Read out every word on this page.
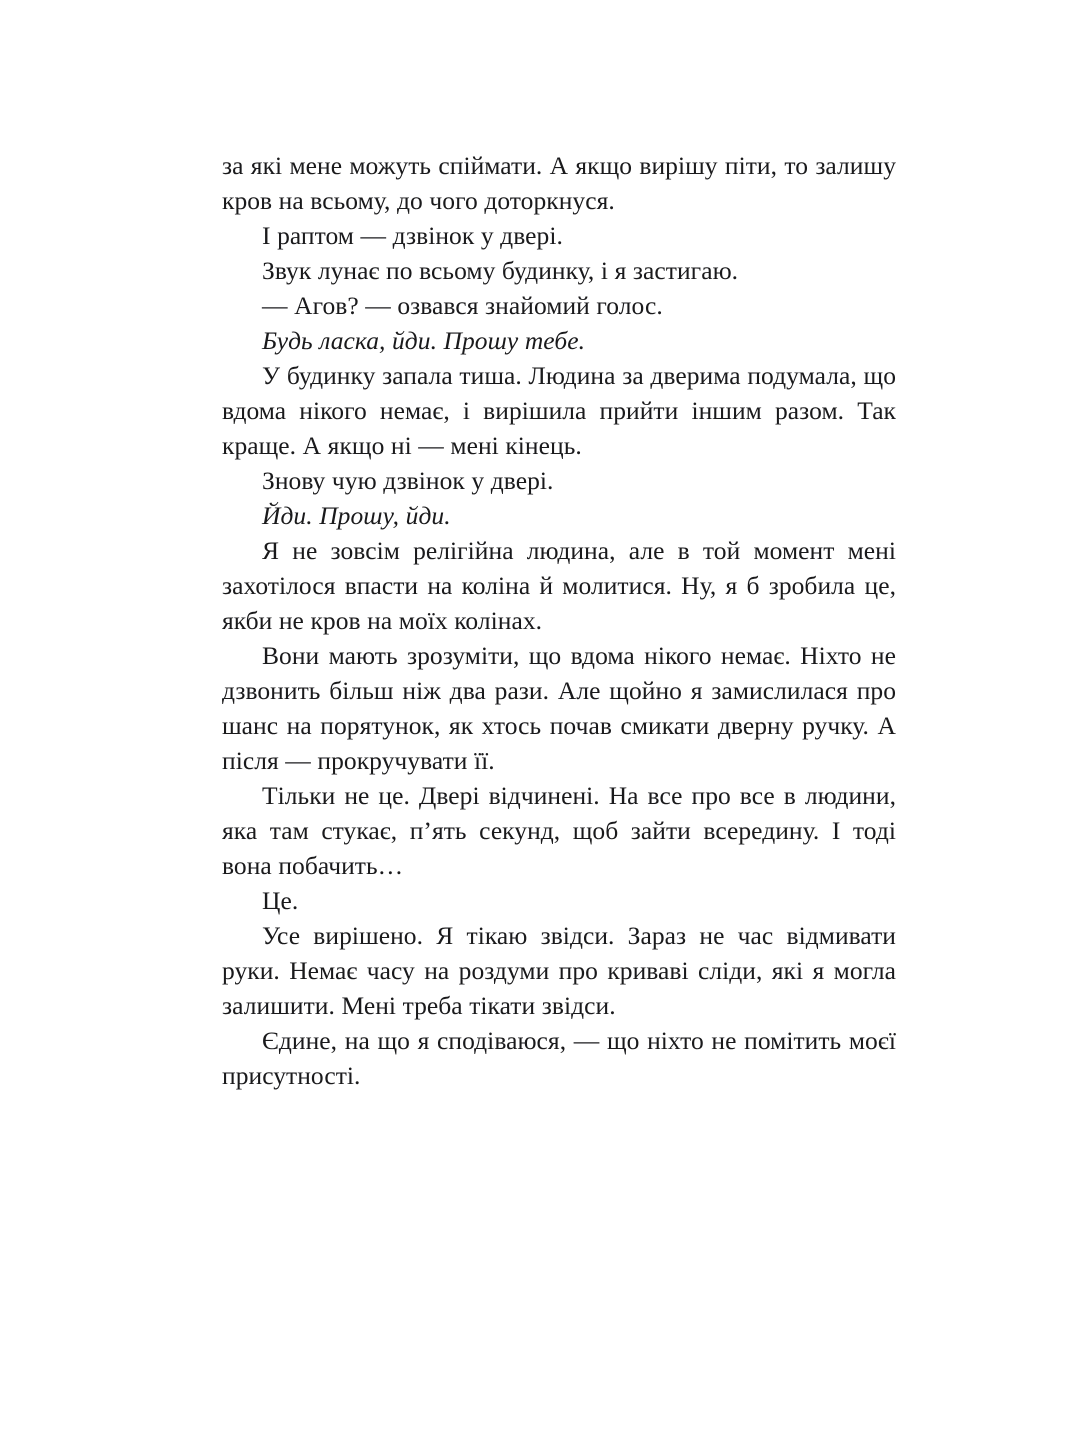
за які мене можуть спіймати. А якщо вирішу піти, то залишу кров на всьому, до чого доторкнуся.

І раптом — дзвінок у двері.

Звук лунає по всьому будинку, і я застигаю.

— Агов? — озвався знайомий голос.

Будь ласка, йди. Прошу тебе.

У будинку запала тиша. Людина за дверима подумала, що вдома нікого немає, і вирішила прийти іншим разом. Так краще. А якщо ні — мені кінець.

Знову чую дзвінок у двері.

Йди. Прошу, йди.

Я не зовсім релігійна людина, але в той момент мені захотілося впасти на коліна й молитися. Ну, я б зробила це, якби не кров на моїх колінах.

Вони мають зрозуміти, що вдома нікого немає. Ніхто не дзвонить більш ніж два рази. Але щойно я замислилася про шанс на порятунок, як хтось почав смикати дверну ручку. А після — прокручувати її.

Тільки не це. Двері відчинені. На все про все в людини, яка там стукає, п’ять секунд, щоб зайти всередину. І тоді вона побачить…

Це.

Усе вирішено. Я тікаю звідси. Зараз не час відмивати руки. Немає часу на роздуми про криваві сліди, які я могла залишити. Мені треба тікати звідси.

Єдине, на що я сподіваюся, — що ніхто не помітить моєї присутності.
